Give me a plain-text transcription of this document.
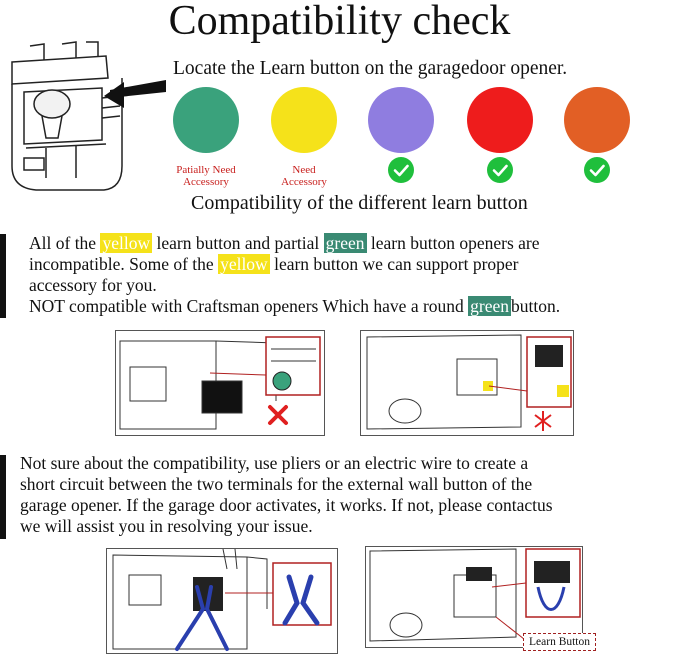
Compatibility check
Locate the Learn button on the garagedoor opener.
Patially Need
Accessory
Need
Accessory
Compatibility of the different learn button
All of the yellow learn button and partial green learn button openers are
incompatible. Some of the yellow learn button we can support proper
accessory for you.
NOT compatible with Craftsman openers Which have a round green button.
Not sure about the compatibility, use pliers or an electric wire to create a
short circuit between the two terminals for the external wall button of the
garage opener. If the garage door activates, it works. If not, please contactus
we will assist you in resolving your issue.
Learn Button
